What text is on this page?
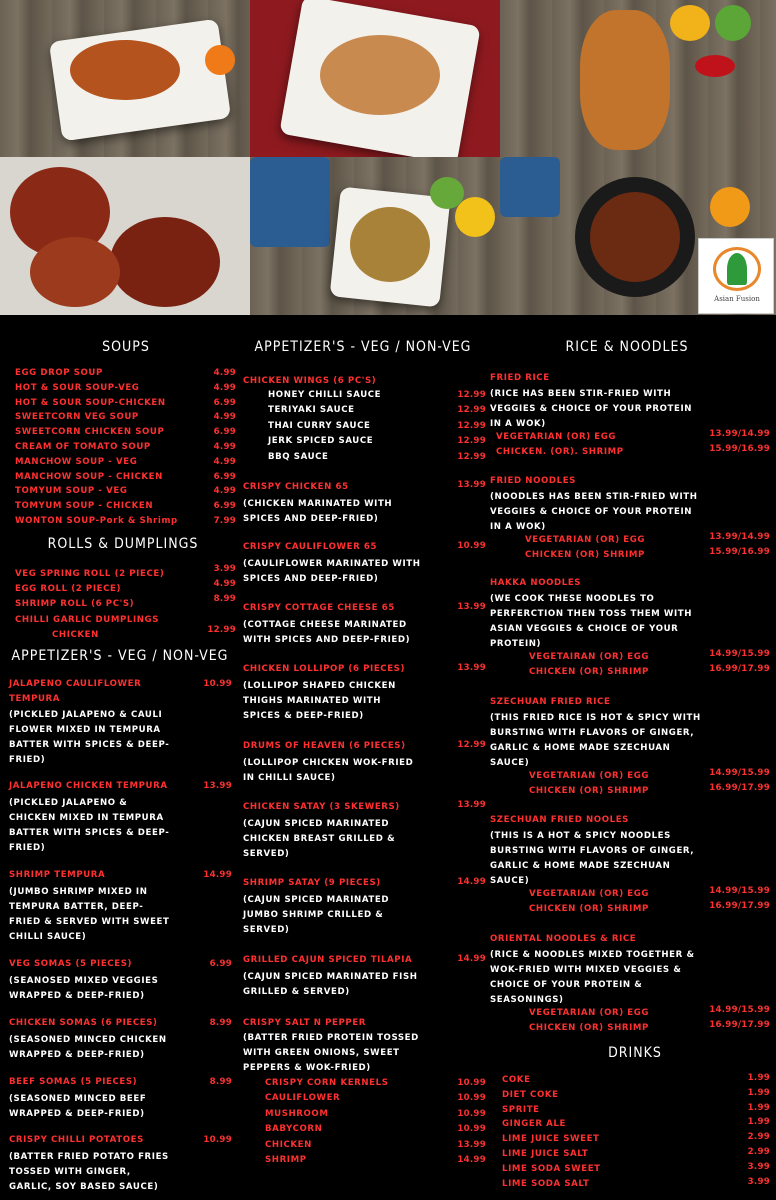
Asian Fusion
SOUPS
EGG DROP SOUP	4.99
HOT & SOUR SOUP-VEG	4.99
HOT & SOUR SOUP-CHICKEN	6.99
SWEETCORN VEG SOUP	4.99
SWEETCORN CHICKEN SOUP	6.99
CREAM OF TOMATO SOUP	4.99
MANCHOW SOUP - VEG	4.99
MANCHOW SOUP - CHICKEN	6.99
TOMYUM SOUP - VEG	4.99
TOMYUM SOUP - CHICKEN	6.99
WONTON SOUP-Pork & Shrimp	7.99
ROLLS & DUMPLINGS
VEG SPRING ROLL (2 PIECE)	3.99
EGG ROLL (2 PIECE)	4.99
SHRIMP ROLL (6 PC'S)	8.99
CHILLI GARLIC DUMPLINGS
CHICKEN	12.99
APPETIZER'S - VEG / NON-VEG
JALAPENO CAULIFLOWER	10.99
TEMPURA
(PICKLED JALAPENO & CAULI FLOWER MIXED IN TEMPURA BATTER WITH SPICES & DEEP-FRIED)
JALAPENO CHICKEN TEMPURA	13.99
(PICKLED JALAPENO & CHICKEN MIXED IN TEMPURA BATTER WITH SPICES & DEEP-FRIED)
SHRIMP TEMPURA	14.99
(JUMBO SHRIMP MIXED IN TEMPURA BATTER, DEEP-FRIED & SERVED WITH SWEET CHILLI SAUCE)
VEG SOMAS (5 PIECES)	6.99
(SEANOSED MIXED VEGGIES WRAPPED & DEEP-FRIED)
CHICKEN SOMAS (6 PIECES)	8.99
(SEASONED MINCED CHICKEN WRAPPED & DEEP-FRIED)
BEEF SOMAS (5 PIECES)	8.99
(SEASONED MINCED BEEF WRAPPED & DEEP-FRIED)
CRISPY CHILLI POTATOES	10.99
(BATTER FRIED POTATO FRIES TOSSED WITH GINGER, GARLIC, SOY BASED SAUCE)
APPETIZER'S - VEG / NON-VEG
CHICKEN WINGS (6 PC'S)
HONEY CHILLI SAUCE	12.99
TERIYAKI SAUCE	12.99
THAI CURRY SAUCE	12.99
JERK SPICED SAUCE	12.99
BBQ SAUCE	12.99
CRISPY CHICKEN 65	13.99
(CHICKEN MARINATED WITH SPICES AND DEEP-FRIED)
CRISPY CAULIFLOWER 65	10.99
(CAULIFLOWER MARINATED WITH SPICES AND DEEP-FRIED)
CRISPY COTTAGE CHEESE 65	13.99
(COTTAGE CHEESE MARINATED WITH SPICES AND DEEP-FRIED)
CHICKEN LOLLIPOP (6 PIECES)	13.99
(LOLLIPOP SHAPED CHICKEN THIGHS MARINATED WITH SPICES & DEEP-FRIED)
DRUMS OF HEAVEN (6 PIECES)	12.99
(LOLLIPOP CHICKEN WOK-FRIED IN CHILLI SAUCE)
CHICKEN SATAY (3 SKEWERS)	13.99
(CAJUN SPICED MARINATED CHICKEN BREAST GRILLED & SERVED)
SHRIMP SATAY (9 PIECES)	14.99
(CAJUN SPICED MARINATED JUMBO SHRIMP CRILLED & SERVED)
GRILLED CAJUN SPICED TILAPIA	14.99
(CAJUN SPICED MARINATED FISH GRILLED & SERVED)
CRISPY SALT N PEPPER
(BATTER FRIED PROTEIN TOSSED WITH GREEN ONIONS, SWEET PEPPERS & WOK-FRIED)
CRISPY CORN KERNELS	10.99
CAULIFLOWER	10.99
MUSHROOM	10.99
BABYCORN	10.99
CHICKEN	13.99
SHRIMP	14.99
RICE & NOODLES
FRIED RICE
(RICE HAS BEEN STIR-FRIED WITH VEGGIES & CHOICE OF YOUR PROTEIN IN A WOK)
VEGETARIAN (OR) EGG	13.99/14.99
CHICKEN. (OR). SHRIMP	15.99/16.99
FRIED NOODLES
(NOODLES HAS BEEN STIR-FRIED WITH VEGGIES & CHOICE OF YOUR PROTEIN IN A WOK)
VEGETARIAN (OR) EGG	13.99/14.99
CHICKEN (OR) SHRIMP	15.99/16.99
HAKKA NOODLES
(WE COOK THESE NOODLES TO PERFERCTION THEN TOSS THEM WITH ASIAN VEGGIES & CHOICE OF YOUR PROTEIN)
VEGETAIRAN (OR) EGG	14.99/15.99
CHICKEN (OR) SHRIMP	16.99/17.99
SZECHUAN FRIED RICE
(THIS FRIED RICE IS HOT & SPICY WITH BURSTING WITH FLAVORS OF GINGER, GARLIC & HOME MADE SZECHUAN SAUCE)
VEGETARIAN (OR) EGG	14.99/15.99
CHICKEN (OR) SHRIMP	16.99/17.99
SZECHUAN FRIED NOOLES
(THIS IS A HOT & SPICY NOODLES BURSTING WITH FLAVORS OF GINGER, GARLIC & HOME MADE SZECHUAN SAUCE)
VEGETARIAN (OR) EGG	14.99/15.99
CHICKEN (OR) SHRIMP	16.99/17.99
ORIENTAL NOODLES & RICE
(RICE & NOODLES MIXED TOGETHER & WOK-FRIED WITH MIXED VEGGIES & CHOICE OF YOUR PROTEIN & SEASONINGS)
VEGETARIAN (OR) EGG	14.99/15.99
CHICKEN (OR) SHRIMP	16.99/17.99
DRINKS
COKE	1.99
DIET COKE	1.99
SPRITE	1.99
GINGER ALE	1.99
LIME JUICE SWEET	2.99
LIME JUICE SALT	2.99
LIME SODA SWEET	3.99
LIME SODA SALT	3.99
